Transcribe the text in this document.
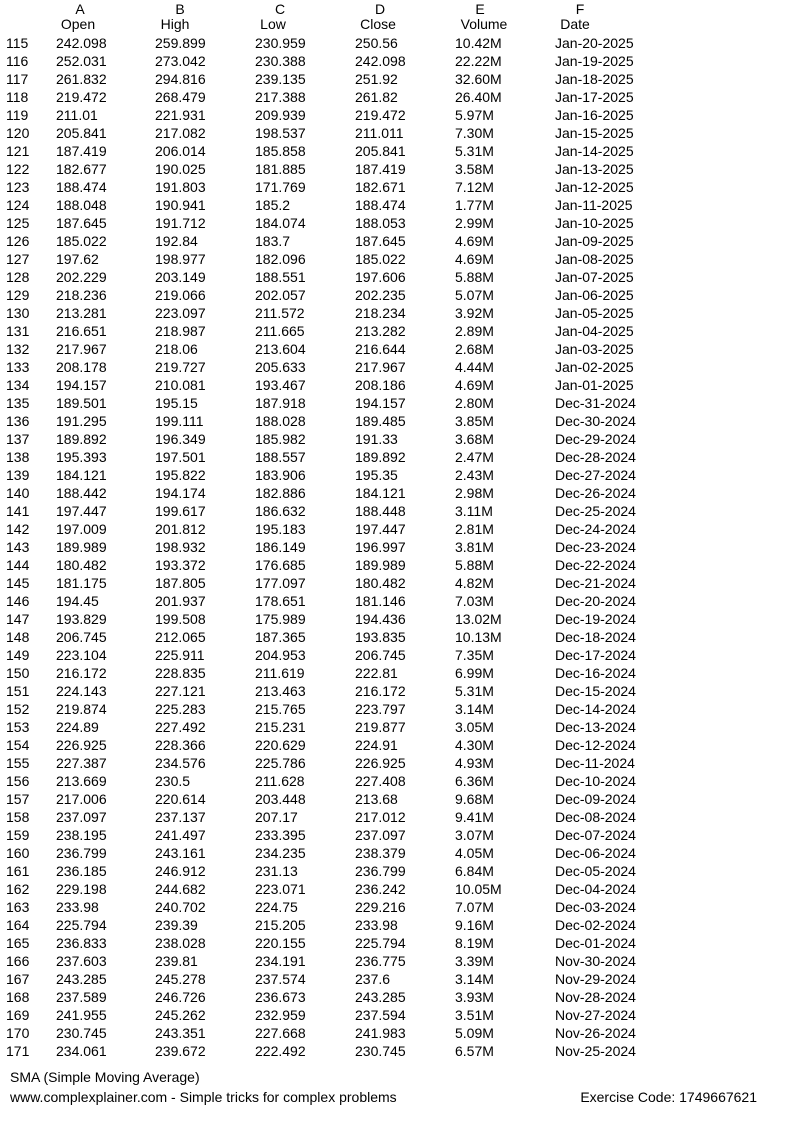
A	B	C	D	E	F
Open	High	Low	Close	Volume	Date
115 242.098	259.899	230.959	250.56	10.42M	Jan-20-2025
116 252.031	273.042	230.388	242.098	22.22M	Jan-19-2025
117 261.832	294.816	239.135	251.92	32.60M	Jan-18-2025
118 219.472	268.479	217.388	261.82	26.40M	Jan-17-2025
119 211.01	221.931	209.939	219.472	5.97M	Jan-16-2025
120 205.841	217.082	198.537	211.011	7.30M	Jan-15-2025
121 187.419	206.014	185.858	205.841	5.31M	Jan-14-2025
122 182.677	190.025	181.885	187.419	3.58M	Jan-13-2025
123 188.474	191.803	171.769	182.671	7.12M	Jan-12-2025
124 188.048	190.941	185.2	188.474	1.77M	Jan-11-2025
125 187.645	191.712	184.074	188.053	2.99M	Jan-10-2025
126 185.022	192.84	183.7	187.645	4.69M	Jan-09-2025
127 197.62	198.977	182.096	185.022	4.69M	Jan-08-2025
128 202.229	203.149	188.551	197.606	5.88M	Jan-07-2025
129 218.236	219.066	202.057	202.235	5.07M	Jan-06-2025
130 213.281	223.097	211.572	218.234	3.92M	Jan-05-2025
131 216.651	218.987	211.665	213.282	2.89M	Jan-04-2025
132 217.967	218.06	213.604	216.644	2.68M	Jan-03-2025
133 208.178	219.727	205.633	217.967	4.44M	Jan-02-2025
134 194.157	210.081	193.467	208.186	4.69M	Jan-01-2025
135 189.501	195.15	187.918	194.157	2.80M	Dec-31-2024
136 191.295	199.111	188.028	189.485	3.85M	Dec-30-2024
137 189.892	196.349	185.982	191.33	3.68M	Dec-29-2024
138 195.393	197.501	188.557	189.892	2.47M	Dec-28-2024
139 184.121	195.822	183.906	195.35	2.43M	Dec-27-2024
140 188.442	194.174	182.886	184.121	2.98M	Dec-26-2024
141 197.447	199.617	186.632	188.448	3.11M	Dec-25-2024
142 197.009	201.812	195.183	197.447	2.81M	Dec-24-2024
143 189.989	198.932	186.149	196.997	3.81M	Dec-23-2024
144 180.482	193.372	176.685	189.989	5.88M	Dec-22-2024
145 181.175	187.805	177.097	180.482	4.82M	Dec-21-2024
146 194.45	201.937	178.651	181.146	7.03M	Dec-20-2024
147 193.829	199.508	175.989	194.436	13.02M	Dec-19-2024
148 206.745	212.065	187.365	193.835	10.13M	Dec-18-2024
149 223.104	225.911	204.953	206.745	7.35M	Dec-17-2024
150 216.172	228.835	211.619	222.81	6.99M	Dec-16-2024
151 224.143	227.121	213.463	216.172	5.31M	Dec-15-2024
152 219.874	225.283	215.765	223.797	3.14M	Dec-14-2024
153 224.89	227.492	215.231	219.877	3.05M	Dec-13-2024
154 226.925	228.366	220.629	224.91	4.30M	Dec-12-2024
155 227.387	234.576	225.786	226.925	4.93M	Dec-11-2024
156 213.669	230.5	211.628	227.408	6.36M	Dec-10-2024
157 217.006	220.614	203.448	213.68	9.68M	Dec-09-2024
158 237.097	237.137	207.17	217.012	9.41M	Dec-08-2024
159 238.195	241.497	233.395	237.097	3.07M	Dec-07-2024
160 236.799	243.161	234.235	238.379	4.05M	Dec-06-2024
161 236.185	246.912	231.13	236.799	6.84M	Dec-05-2024
162 229.198	244.682	223.071	236.242	10.05M	Dec-04-2024
163 233.98	240.702	224.75	229.216	7.07M	Dec-03-2024
164 225.794	239.39	215.205	233.98	9.16M	Dec-02-2024
165 236.833	238.028	220.155	225.794	8.19M	Dec-01-2024
166 237.603	239.81	234.191	236.775	3.39M	Nov-30-2024
167 243.285	245.278	237.574	237.6	3.14M	Nov-29-2024
168 237.589	246.726	236.673	243.285	3.93M	Nov-28-2024
169 241.955	245.262	232.959	237.594	3.51M	Nov-27-2024
170 230.745	243.351	227.668	241.983	5.09M	Nov-26-2024
171 234.061	239.672	222.492	230.745	6.57M	Nov-25-2024
SMA (Simple Moving Average)
www.complexplainer.com - Simple tricks for complex problems	Exercise Code: 1749667621
